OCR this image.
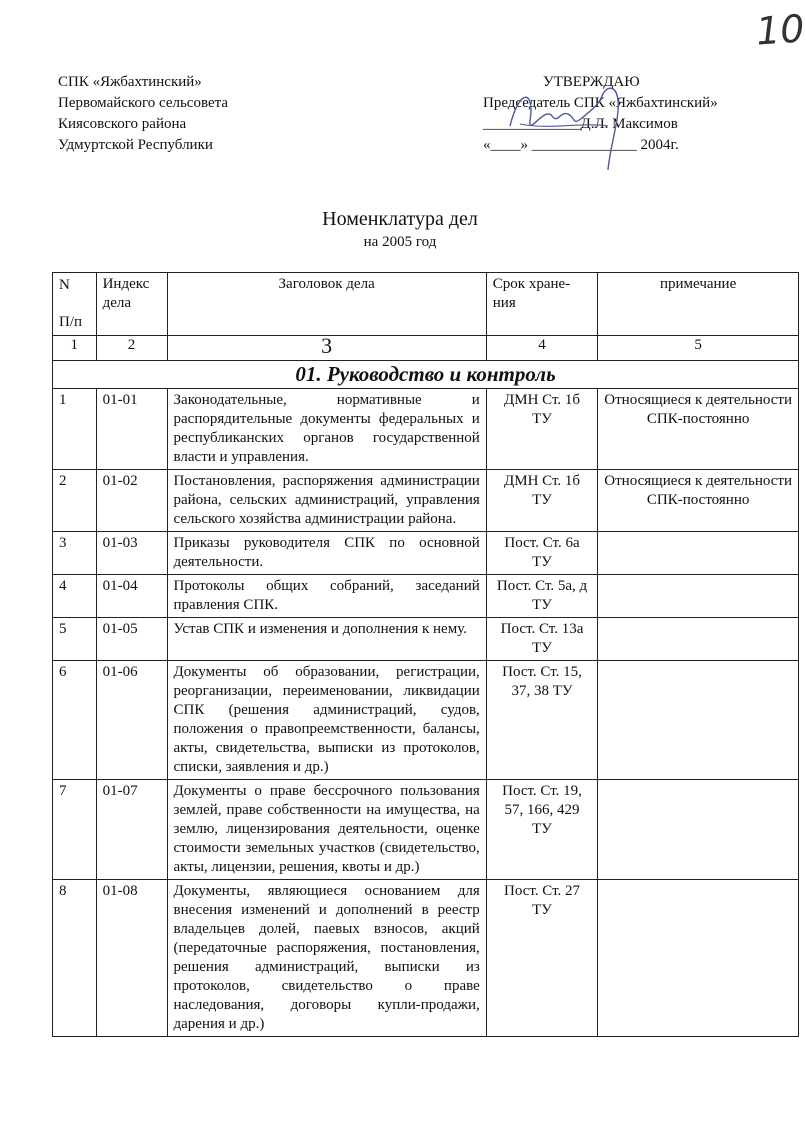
10
СПК «Яжбахтинский»
Первомайского сельсовета
Киясовского района
Удмуртской Республики
УТВЕРЖДАЮ
Председатель СПК «Яжбахтинский»
_____________Д.Л. Максимов
«____» ______________ 2004г.
Номенклатура дел
на 2005 год
N
П/п	Индекс дела	Заголовок дела	Срок хране-ния	примечание
1	2	3	4	5
01. Руководство и контроль				
1	01-01	Законодательные, нормативные и распорядительные документы федеральных и республиканских органов государственной власти и управления.	ДМН Ст. 1б ТУ	Относящиеся к деятельности СПК-постоянно
2	01-02	Постановления, распоряжения администрации района, сельских администраций, управления сельского хозяйства администрации района.	ДМН Ст. 1б ТУ	Относящиеся к деятельности СПК-постоянно
3	01-03	Приказы руководителя СПК по основной деятельности.	Пост. Ст. 6а ТУ	
4	01-04	Протоколы общих собраний, заседаний правления СПК.	Пост. Ст. 5а, д ТУ	
5	01-05	Устав СПК и изменения и дополнения к нему.	Пост. Ст. 13а ТУ	
6	01-06	Документы об образовании, регистрации, реорганизации, переименовании, ликвидации СПК (решения администраций, судов, положения о правопреемственности, балансы, акты, свидетельства, выписки из протоколов, списки, заявления и др.)	Пост. Ст. 15, 37, 38 ТУ	
7	01-07	Документы о праве бессрочного пользования землей, праве собственности на имущества, на землю, лицензирования деятельности, оценке стоимости земельных участков (свидетельство, акты, лицензии, решения, квоты и др.)	Пост. Ст. 19, 57, 166, 429 ТУ	
8	01-08	Документы, являющиеся основанием для внесения изменений и дополнений в реестр владельцев долей, паевых взносов, акций (передаточные распоряжения, постановления, решения администраций, выписки из протоколов, свидетельство о праве наследования, договоры купли-продажи, дарения и др.)	Пост. Ст. 27 ТУ	
